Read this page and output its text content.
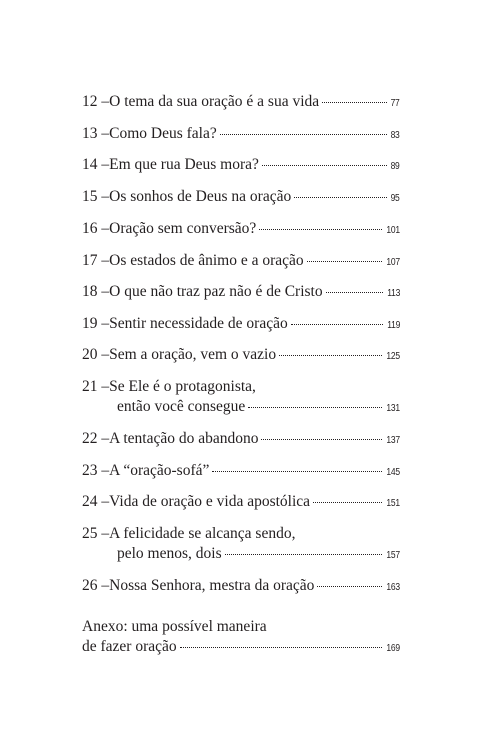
12 – O tema da sua oração é a sua vida	77
13 – Como Deus fala?	83
14 – Em que rua Deus mora?	89
15 – Os sonhos de Deus na oração	95
16 – Oração sem conversão?	101
17 – Os estados de ânimo e a oração	107
18 – O que não traz paz não é de Cristo	113
19 – Sentir necessidade de oração	119
20 – Sem a oração, vem o vazio	125
21 – Se Ele é o protagonista,
então você consegue	131
22 – A tentação do abandono	137
23 – A “oração-sofá”	145
24 – Vida de oração e vida apostólica	151
25 – A felicidade se alcança sendo,
pelo menos, dois	157
26 – Nossa Senhora, mestra da oração	163
Anexo: uma possível maneira
de fazer oração	169
